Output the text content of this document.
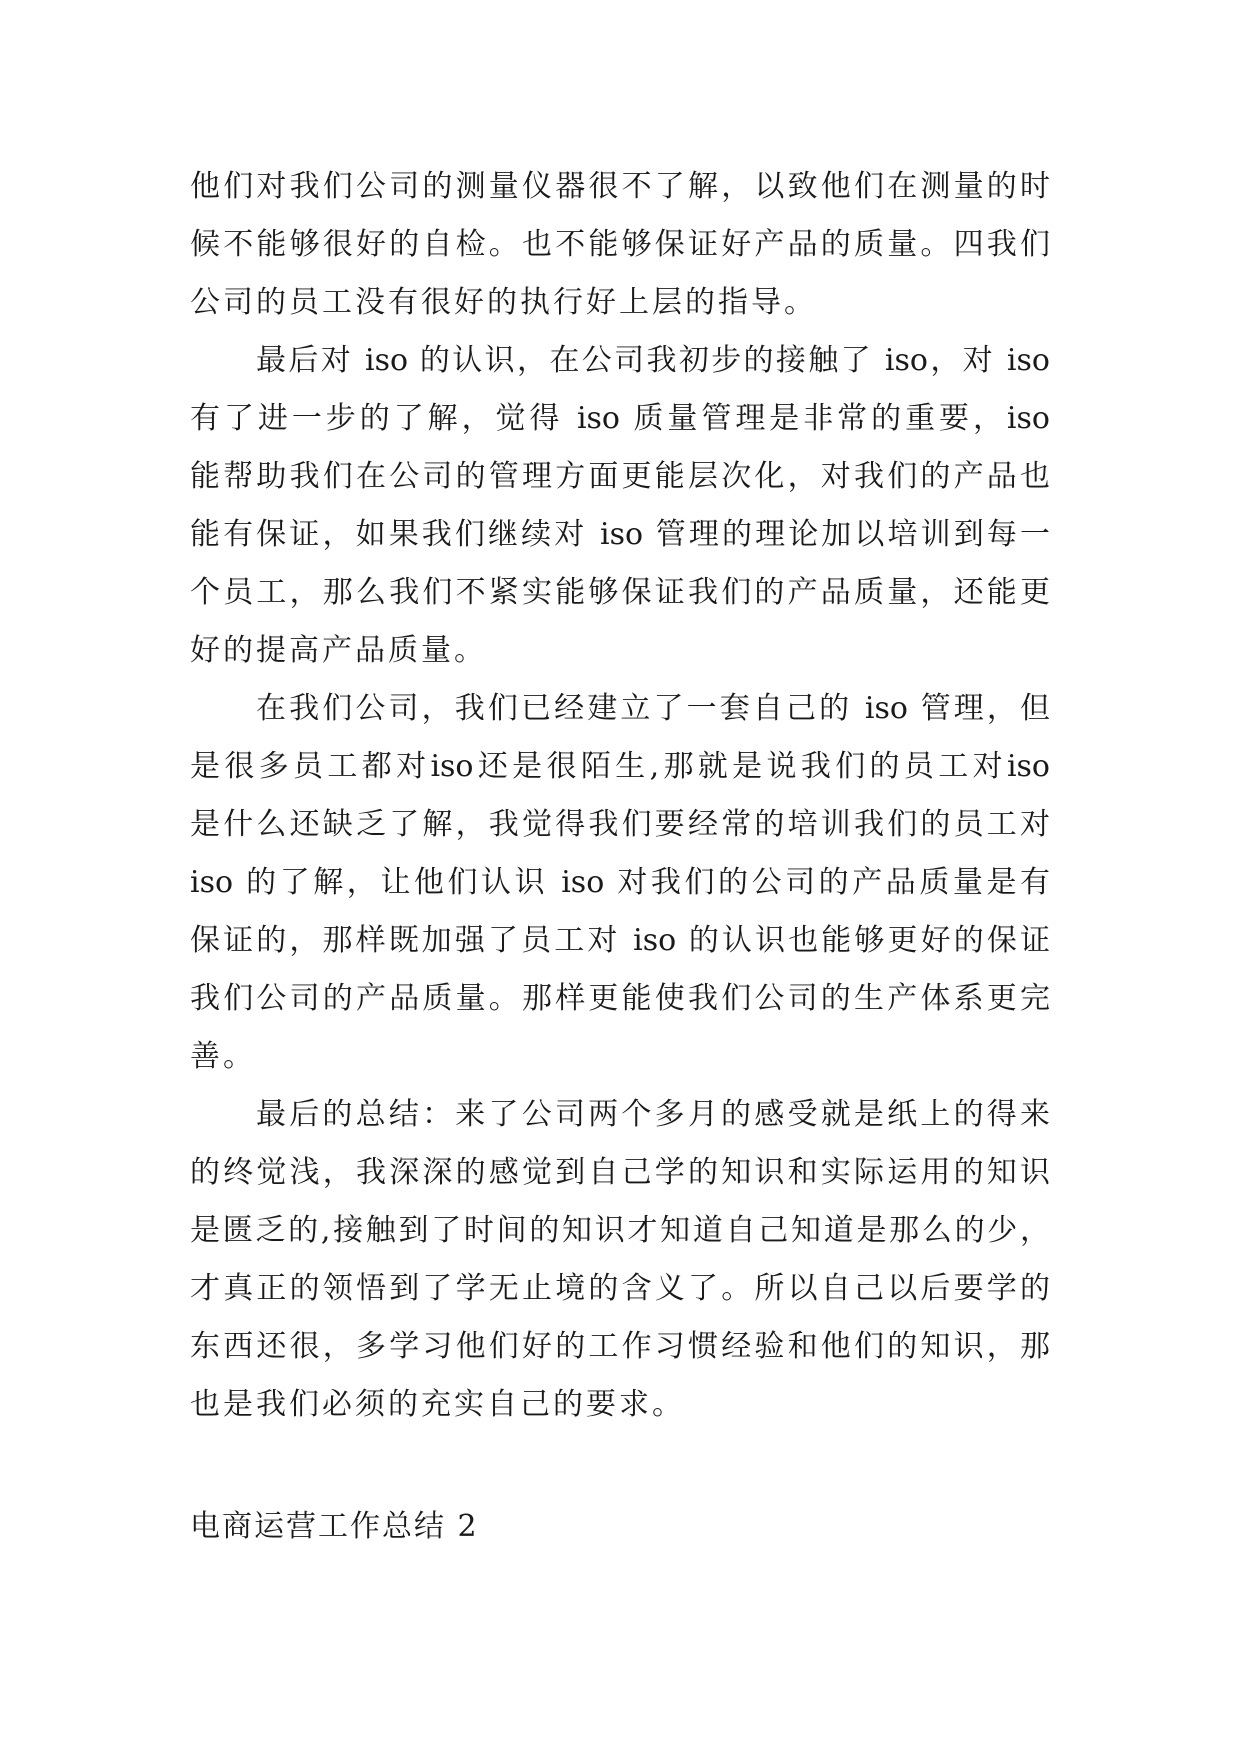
他们对我们公司的测量仪器很不了解，以致他们在测量的时
候不能够很好的自检。也不能够保证好产品的质量。四我们
公司的员工没有很好的执行好上层的指导。
最后对 iso 的认识，在公司我初步的接触了 iso，对 iso
有了进一步的了解，觉得 iso 质量管理是非常的重要，iso
能帮助我们在公司的管理方面更能层次化，对我们的产品也
能有保证，如果我们继续对 iso 管理的理论加以培训到每一
个员工，那么我们不紧实能够保证我们的产品质量，还能更
好的提高产品质量。
在我们公司，我们已经建立了一套自己的 iso 管理，但
是很多员工都对iso还是很陌生,那就是说我们的员工对iso
是什么还缺乏了解，我觉得我们要经常的培训我们的员工对
iso 的了解，让他们认识 iso 对我们的公司的产品质量是有
保证的，那样既加强了员工对 iso 的认识也能够更好的保证
我们公司的产品质量。那样更能使我们公司的生产体系更完
善。
最后的总结：来了公司两个多月的感受就是纸上的得来
的终觉浅，我深深的感觉到自己学的知识和实际运用的知识
是匮乏的,接触到了时间的知识才知道自己知道是那么的少，
才真正的领悟到了学无止境的含义了。所以自己以后要学的
东西还很，多学习他们好的工作习惯经验和他们的知识，那
也是我们必须的充实自己的要求。
电商运营工作总结 2
